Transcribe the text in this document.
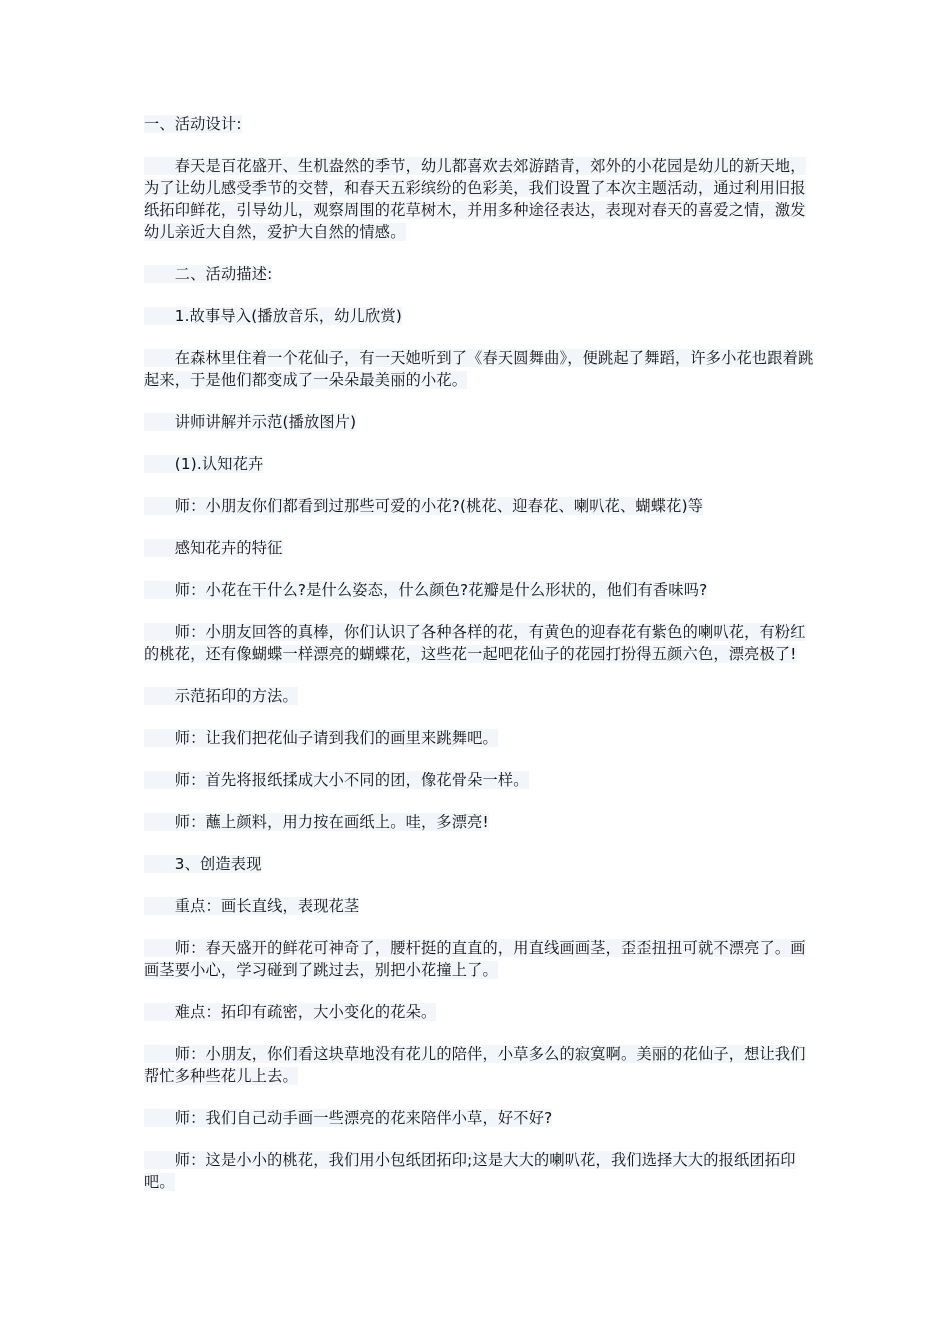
一、活动设计:

春天是百花盛开、生机盎然的季节，幼儿都喜欢去郊游踏青，郊外的小花园是幼儿的新天地，为了让幼儿感受季节的交替，和春天五彩缤纷的色彩美，我们设置了本次主题活动，通过利用旧报纸拓印鲜花，引导幼儿，观察周围的花草树木，并用多种途径表达，表现对春天的喜爱之情，激发幼儿亲近大自然，爱护大自然的情感。

二、活动描述:

1.故事导入(播放音乐，幼儿欣赏)

在森林里住着一个花仙子，有一天她听到了《春天圆舞曲》，便跳起了舞蹈，许多小花也跟着跳起来，于是他们都变成了一朵朵最美丽的小花。

讲师讲解并示范(播放图片)

(1).认知花卉

师：小朋友你们都看到过那些可爱的小花?(桃花、迎春花、喇叭花、蝴蝶花)等

感知花卉的特征

师：小花在干什么?是什么姿态，什么颜色?花瓣是什么形状的，他们有香味吗?

师：小朋友回答的真棒，你们认识了各种各样的花，有黄色的迎春花有紫色的喇叭花，有粉红的桃花，还有像蝴蝶一样漂亮的蝴蝶花，这些花一起吧花仙子的花园打扮得五颜六色，漂亮极了!

示范拓印的方法。

师：让我们把花仙子请到我们的画里来跳舞吧。

师：首先将报纸揉成大小不同的团，像花骨朵一样。

师：蘸上颜料，用力按在画纸上。哇，多漂亮!

3、创造表现

重点：画长直线，表现花茎

师：春天盛开的鲜花可神奇了，腰杆挺的直直的，用直线画画茎，歪歪扭扭可就不漂亮了。画画茎要小心，学习碰到了跳过去，别把小花撞上了。

难点：拓印有疏密，大小变化的花朵。

师：小朋友，你们看这块草地没有花儿的陪伴，小草多么的寂寞啊。美丽的花仙子，想让我们帮忙多种些花儿上去。

师：我们自己动手画一些漂亮的花来陪伴小草，好不好?

师：这是小小的桃花，我们用小包纸团拓印;这是大大的喇叭花，我们选择大大的报纸团拓印吧。
